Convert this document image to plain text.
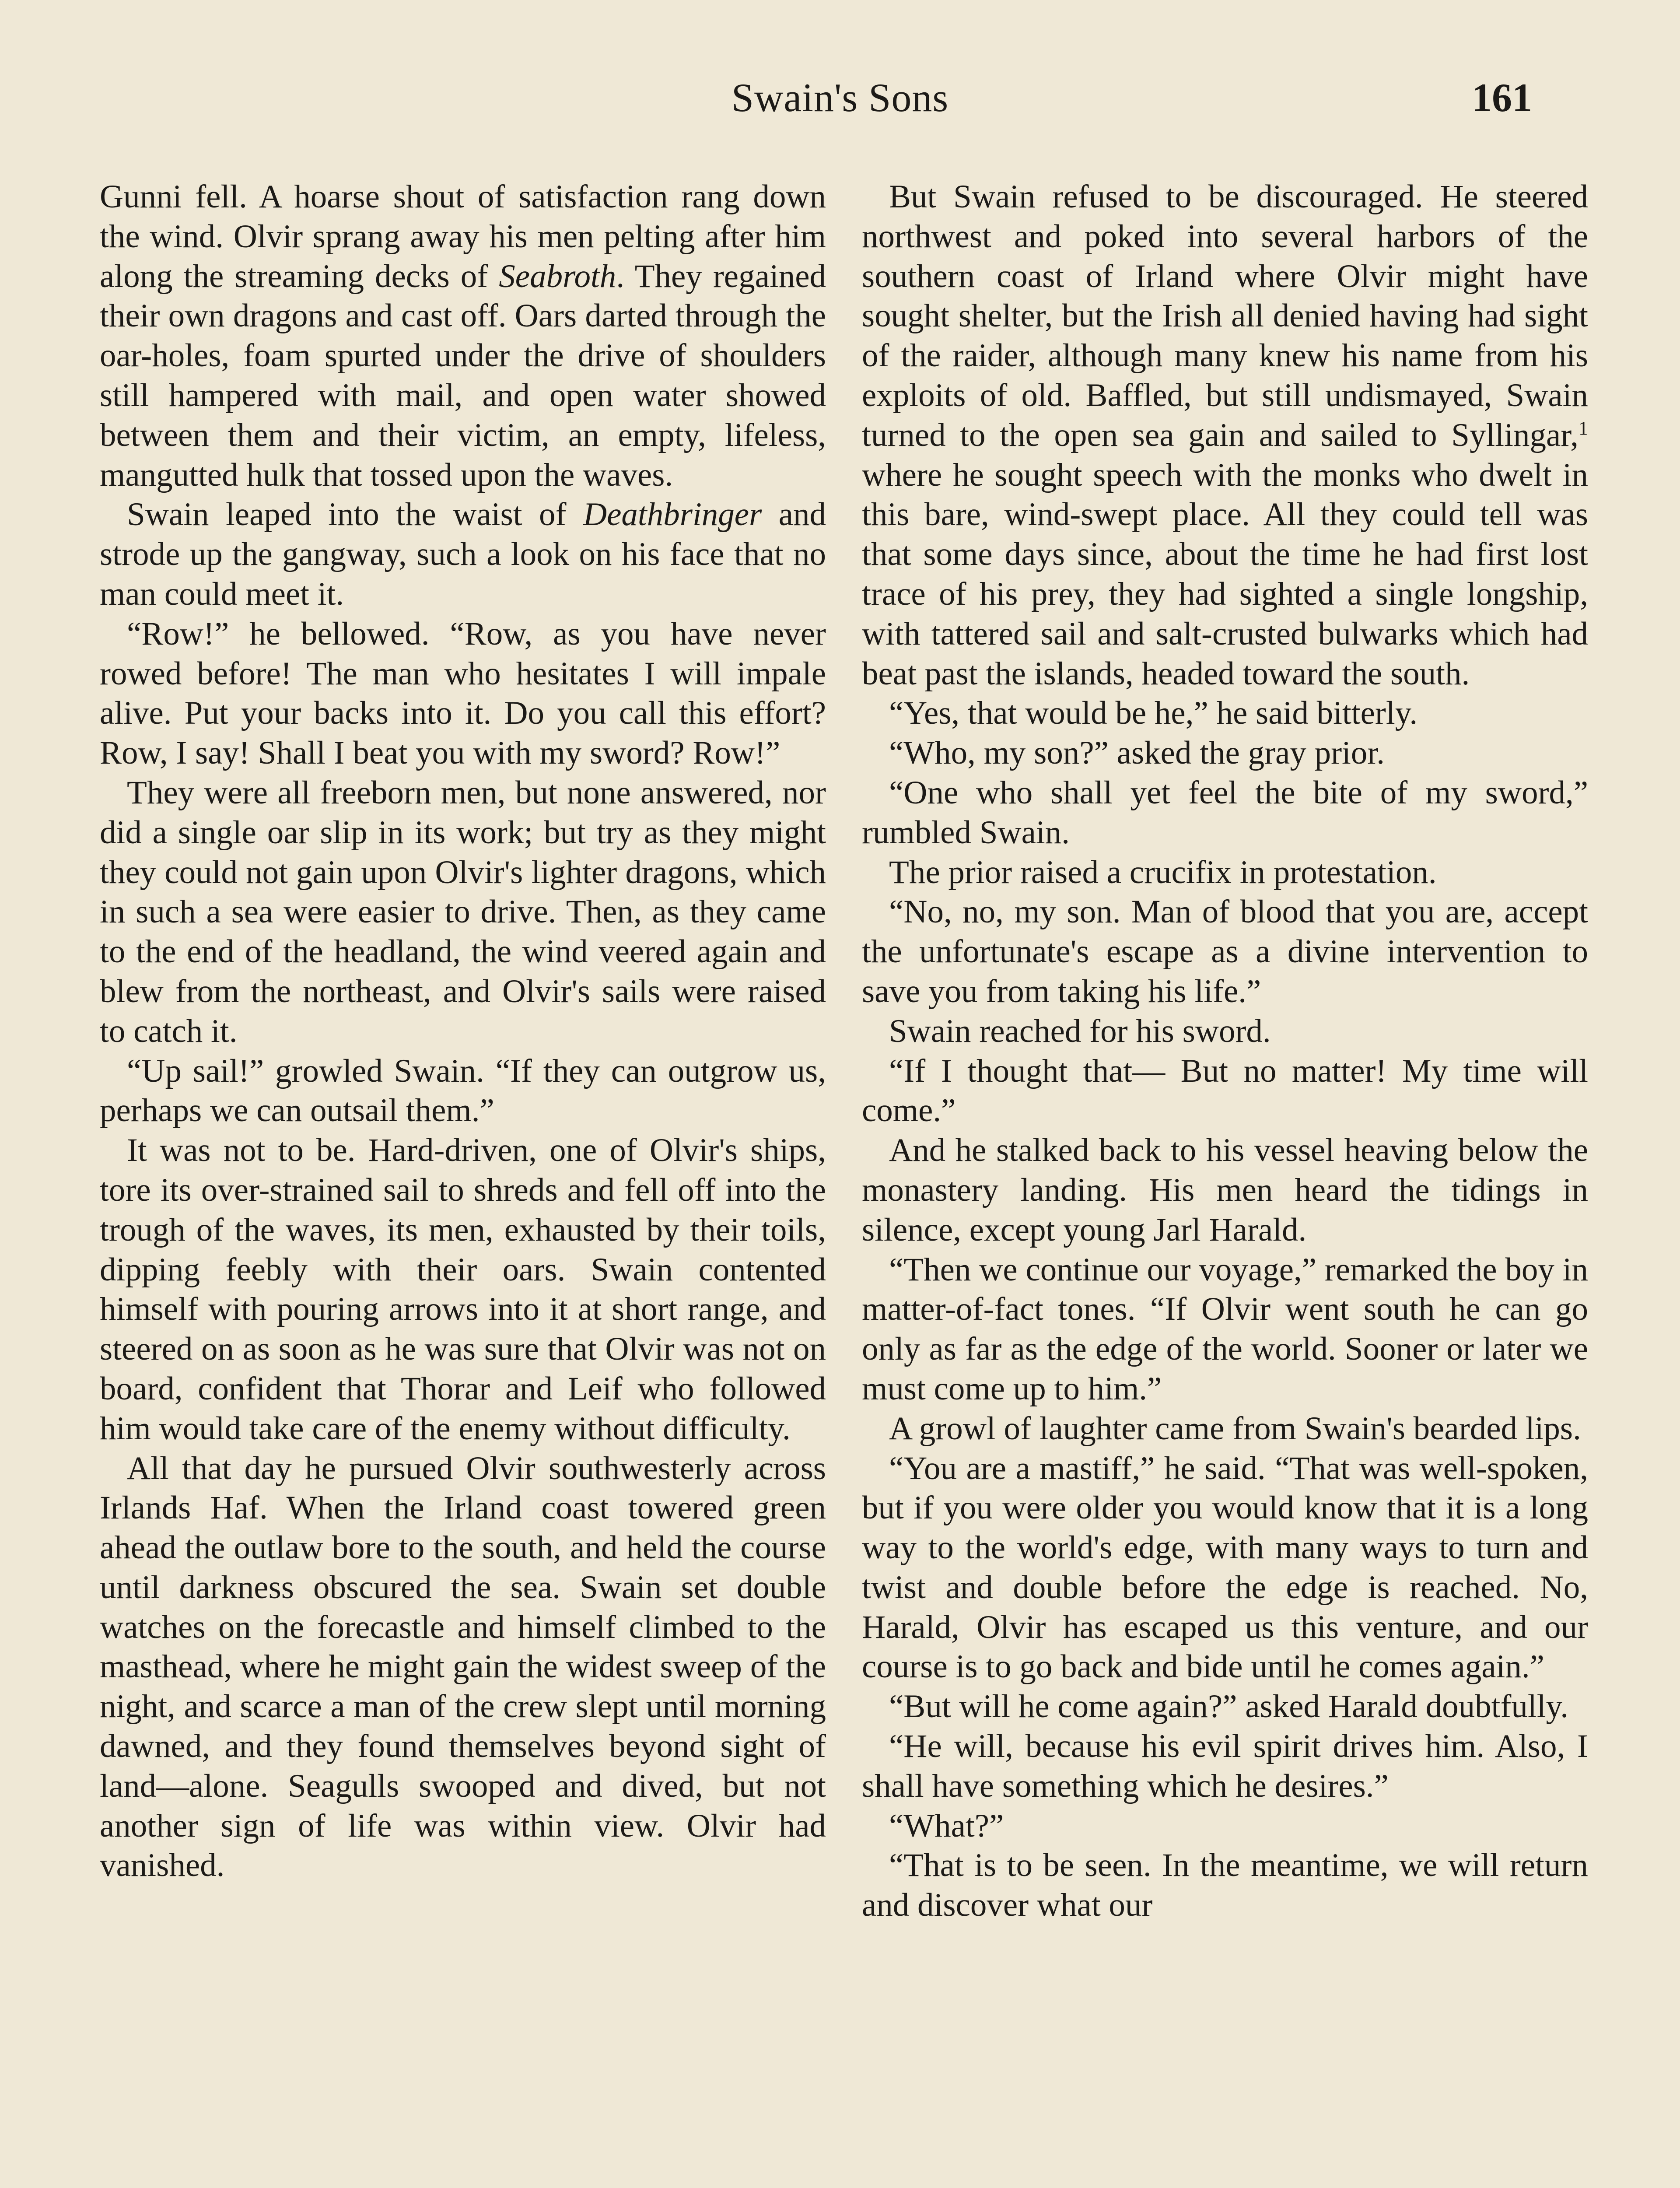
Swain's Sons	161

Gunni fell. A hoarse shout of satisfaction rang down the wind. Olvir sprang away his men pelting after him along the streaming decks of Seabroth. They regained their own dragons and cast off. Oars darted through the oar-holes, foam spurted under the drive of shoulders still hampered with mail, and open water showed between them and their victim, an empty, lifeless, mangutted hulk that tossed upon the waves.

Swain leaped into the waist of Deathbringer and strode up the gangway, such a look on his face that no man could meet it.

“Row!” he bellowed. “Row, as you have never rowed before! The man who hesitates I will impale alive. Put your backs into it. Do you call this effort? Row, I say! Shall I beat you with my sword? Row!”

They were all freeborn men, but none answered, nor did a single oar slip in its work; but try as they might they could not gain upon Olvir's lighter dragons, which in such a sea were easier to drive. Then, as they came to the end of the headland, the wind veered again and blew from the northeast, and Olvir's sails were raised to catch it.

“Up sail!” growled Swain. “If they can outgrow us, perhaps we can outsail them.”

It was not to be. Hard-driven, one of Olvir's ships, tore its over-strained sail to shreds and fell off into the trough of the waves, its men, exhausted by their toils, dipping feebly with their oars. Swain contented himself with pouring arrows into it at short range, and steered on as soon as he was sure that Olvir was not on board, confident that Thorar and Leif who followed him would take care of the enemy without difficulty.

All that day he pursued Olvir southwesterly across Irlands Haf. When the Irland coast towered green ahead the outlaw bore to the south, and held the course until darkness obscured the sea. Swain set double watches on the forecastle and himself climbed to the masthead, where he might gain the widest sweep of the night, and scarce a man of the crew slept until morning dawned, and they found themselves beyond sight of land—alone. Seagulls swooped and dived, but not another sign of life was within view. Olvir had vanished.

But Swain refused to be discouraged. He steered northwest and poked into several harbors of the southern coast of Irland where Olvir might have sought shelter, but the Irish all denied having had sight of the raider, although many knew his name from his exploits of old. Baffled, but still undismayed, Swain turned to the open sea gain and sailed to Syllingar,$^1$ where he sought speech with the monks who dwelt in this bare, wind-swept place. All they could tell was that some days since, about the time he had first lost trace of his prey, they had sighted a single longship, with tattered sail and salt-crusted bulwarks which had beat past the islands, headed toward the south.

“Yes, that would be he,” he said bitterly.

“Who, my son?” asked the gray prior.

“One who shall yet feel the bite of my sword,” rumbled Swain.

The prior raised a crucifix in protestation.

“No, no, my son. Man of blood that you are, accept the unfortunate's escape as a divine intervention to save you from taking his life.”

Swain reached for his sword.

“If I thought that— But no matter! My time will come.”

And he stalked back to his vessel heaving below the monastery landing. His men heard the tidings in silence, except young Jarl Harald.

“Then we continue our voyage,” remarked the boy in matter-of-fact tones. “If Olvir went south he can go only as far as the edge of the world. Sooner or later we must come up to him.”

A growl of laughter came from Swain's bearded lips.

“You are a mastiff,” he said. “That was well-spoken, but if you were older you would know that it is a long way to the world's edge, with many ways to turn and twist and double before the edge is reached. No, Harald, Olvir has escaped us this venture, and our course is to go back and bide until he comes again.”

“But will he come again?” asked Harald doubtfully.

“He will, because his evil spirit drives him. Also, I shall have something which he desires.”

“What?”

“That is to be seen. In the meantime, we will return and discover what our
